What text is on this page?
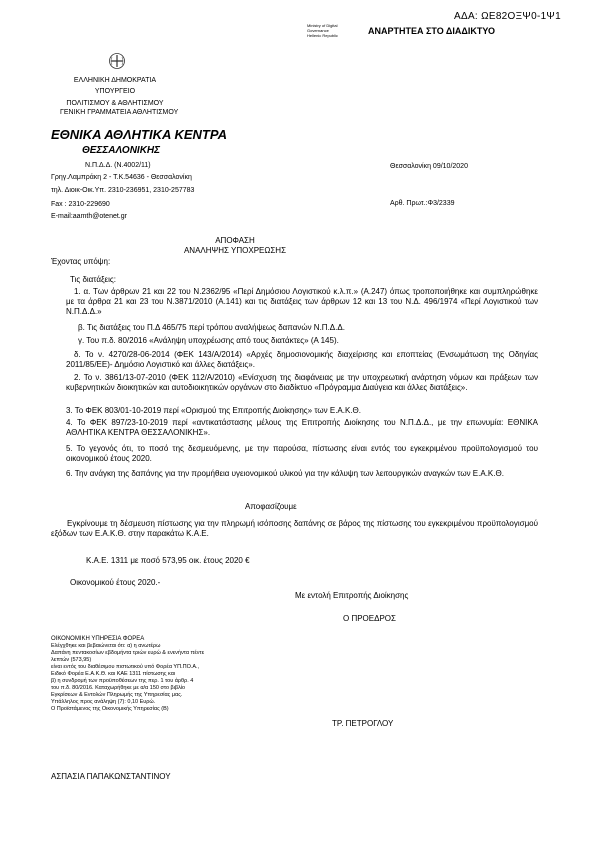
ΑΔΑ: ΩΕ82ΟΞΨ0-1Ψ1
Ministry of Digital
Governance
Hellenic Republic	ΑΝΑΡΤΗΤΕΑ ΣΤΟ ΔΙΑΔΙΚΤΥΟ
ΕΛΛΗΝΙΚΗ ΔΗΜΟΚΡΑΤΙΑ
ΥΠΟΥΡΓΕΙΟ
ΠΟΛΙΤΙΣΜΟΥ & ΑΘΛΗΤΙΣΜΟΥ
ΓΕΝΙΚΗ ΓΡΑΜΜΑΤΕΙΑ ΑΘΛΗΤΙΣΜΟΥ
ΕΘΝΙΚΑ ΑΘΛΗΤΙΚΑ ΚΕΝΤΡΑ
ΘΕΣΣΑΛΟΝΙΚΗΣ
Ν.Π.Δ.Δ. (Ν.4002/11)
Γρηγ.Λαμπράκη 2 - Τ.Κ.54636 - Θεσσαλονίκη
τηλ. Διοικ-Οικ.Υπ. 2310-236951, 2310-257783
Fax : 2310-229690
E-mail:aamth@otenet.gr
Θεσσαλονίκη 09/10/2020
Αρθ. Πρωτ.:Φ3/2339
ΑΠΟΦΑΣΗ
ΑΝΑΛΗΨΗΣ ΥΠΟΧΡΕΩΣΗΣ
Έχοντας υπόψη:
Τις διατάξεις:
1. α. Των άρθρων 21 και 22 του Ν.2362/95 «Περί Δημόσιου Λογιστικού κ.λ.π.» (Α.247) όπως τροποποιήθηκε και συμπληρώθηκε με τα άρθρα 21 και 23 του Ν.3871/2010 (Α.141) και τις διατάξεις των άρθρων 12 και 13 του Ν.Δ. 496/1974 «Περί Λογιστικού των Ν.Π.Δ.Δ.»
β. Τις διατάξεις του Π.Δ 465/75 περί τρόπου αναλήψεως δαπανών Ν.Π.Δ.Δ.
γ. Του π.δ. 80/2016 «Ανάληψη υποχρέωσης από τους διατάκτες» (Α 145).
δ. Το ν. 4270/28-06-2014 (ΦΕΚ 143/Α/2014) «Αρχές δημοσιονομικής διαχείρισης και εποπτείας (Ενσωμάτωση της Οδηγίας 2011/85/ΕΕ)- Δημόσιο Λογιστικό και άλλες διατάξεις».
2. Το ν. 3861/13-07-2010 (ΦΕΚ 112/Α/2010) «Ενίσχυση της διαφάνειας με την υποχρεωτική ανάρτηση νόμων και πράξεων των κυβερνητικών διοικητικών και αυτοδιοικητικών οργάνων στο διαδίκτυο «Πρόγραμμα Διαύγεια και άλλες διατάξεις».
3. Το ΦΕΚ 803/01-10-2019 περί «Ορισμού της Επιτροπής Διοίκησης» των Ε.Α.Κ.Θ.
4. Το ΦΕΚ 897/23-10-2019 περί «αντικατάστασης μέλους της Επιτροπής Διοίκησης του Ν.Π.Δ.Δ., με την επωνυμία: ΕΘΝΙΚΑ ΑΘΛΗΤΙΚΑ ΚΕΝΤΡΑ ΘΕΣΣΑΛΟΝΙΚΗΣ».
5. Το γεγονός ότι, το ποσό της δεσμευόμενης, με την παρούσα, πίστωσης είναι εντός του εγκεκριμένου προϋπολογισμού του οικονομικού έτους 2020.
6. Την ανάγκη της δαπάνης για την προμήθεια υγειονομικού υλικού για την κάλυψη των λειτουργικών αναγκών των Ε.Α.Κ.Θ.
Αποφασίζουμε
Εγκρίνουμε τη δέσμευση πίστωσης για την πληρωμή ισόποσης δαπάνης σε βάρος της πίστωσης του εγκεκριμένου προϋπολογισμού εξόδων των Ε.Α.Κ.Θ. στην παρακάτω Κ.Α.Ε.
Κ.Α.Ε. 1311 με ποσό 573,95 οικ. έτους 2020 €
Οικονομικού έτους 2020.-
Με εντολή Επιτροπής Διοίκησης
Ο ΠΡΟΕΔΡΟΣ
ΟΙΚΟΝΟΜΙΚΗ ΥΠΗΡΕΣΙΑ ΦΟΡΕΑ
Ελέγχθηκε και βεβαιώνεται ότι: α) η ανωτέρω
Δαπάνη πεντακοσίων εβδομήντα τριών ευρώ & ενενήντα πέντε
λεπτών (573,95)
είναι εντός του διαθέσιμου πιστωτικού υπό Φορέα ΥΠ.ΠΟ.Α.,
Ειδικό Φορέα Ε.Α.Κ.Θ. και ΚΑΕ 1311 πίστωσης και
β) η συνδρομή των προϋποθέσεων της περ. 1 του άρθρ. 4
του π.δ. 80/2016. Καταχωρήθηκε με α/α 150 στο βιβλίο
Εγκρίσεων & Εντολών Πληρωμής της Υπηρεσίας μας.
Υπάλληλος προς ανάληψη (7): 0,10 Ευρώ.
Ο Προϊστάμενος της Οικονομικής Υπηρεσίας (Β)
ΤΡ. ΠΕΤΡΟΓΛΟΥ
ΑΣΠΑΣΙΑ ΠΑΠΑΚΩΝΣΤΑΝΤΙΝΟΥ
